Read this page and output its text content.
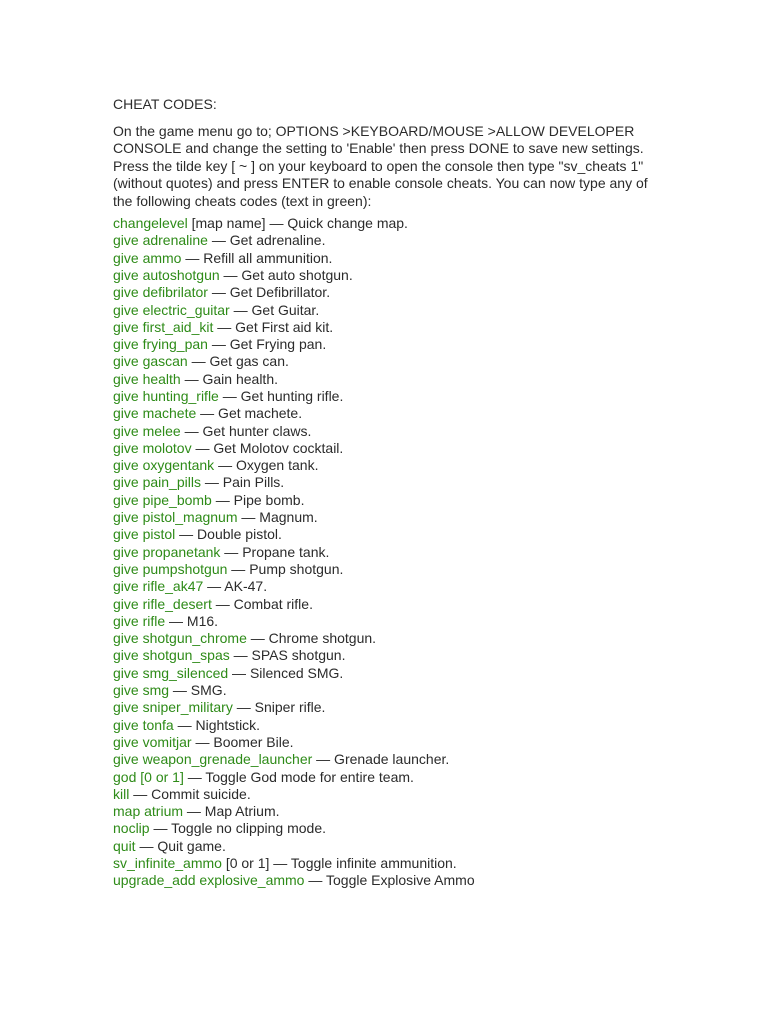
CHEAT CODES:
On the game menu go to; OPTIONS >KEYBOARD/MOUSE >ALLOW DEVELOPER CONSOLE and change the setting to 'Enable' then press DONE to save new settings. Press the tilde key [ ~ ] on your keyboard to open the console then type "sv_cheats 1" (without quotes) and press ENTER to enable console cheats. You can now type any of the following cheats codes (text in green):
changelevel [map name] — Quick change map.
give adrenaline — Get adrenaline.
give ammo — Refill all ammunition.
give autoshotgun — Get auto shotgun.
give defibrilator — Get Defibrillator.
give electric_guitar — Get Guitar.
give first_aid_kit — Get First aid kit.
give frying_pan — Get Frying pan.
give gascan — Get gas can.
give health — Gain health.
give hunting_rifle — Get hunting rifle.
give machete — Get machete.
give melee — Get hunter claws.
give molotov — Get Molotov cocktail.
give oxygentank — Oxygen tank.
give pain_pills — Pain Pills.
give pipe_bomb — Pipe bomb.
give pistol_magnum — Magnum.
give pistol — Double pistol.
give propanetank — Propane tank.
give pumpshotgun — Pump shotgun.
give rifle_ak47 — AK-47.
give rifle_desert — Combat rifle.
give rifle — M16.
give shotgun_chrome — Chrome shotgun.
give shotgun_spas — SPAS shotgun.
give smg_silenced — Silenced SMG.
give smg — SMG.
give sniper_military — Sniper rifle.
give tonfa — Nightstick.
give vomitjar — Boomer Bile.
give weapon_grenade_launcher — Grenade launcher.
god [0 or 1] — Toggle God mode for entire team.
kill — Commit suicide.
map atrium — Map Atrium.
noclip — Toggle no clipping mode.
quit — Quit game.
sv_infinite_ammo [0 or 1] — Toggle infinite ammunition.
upgrade_add explosive_ammo — Toggle Explosive Ammo
